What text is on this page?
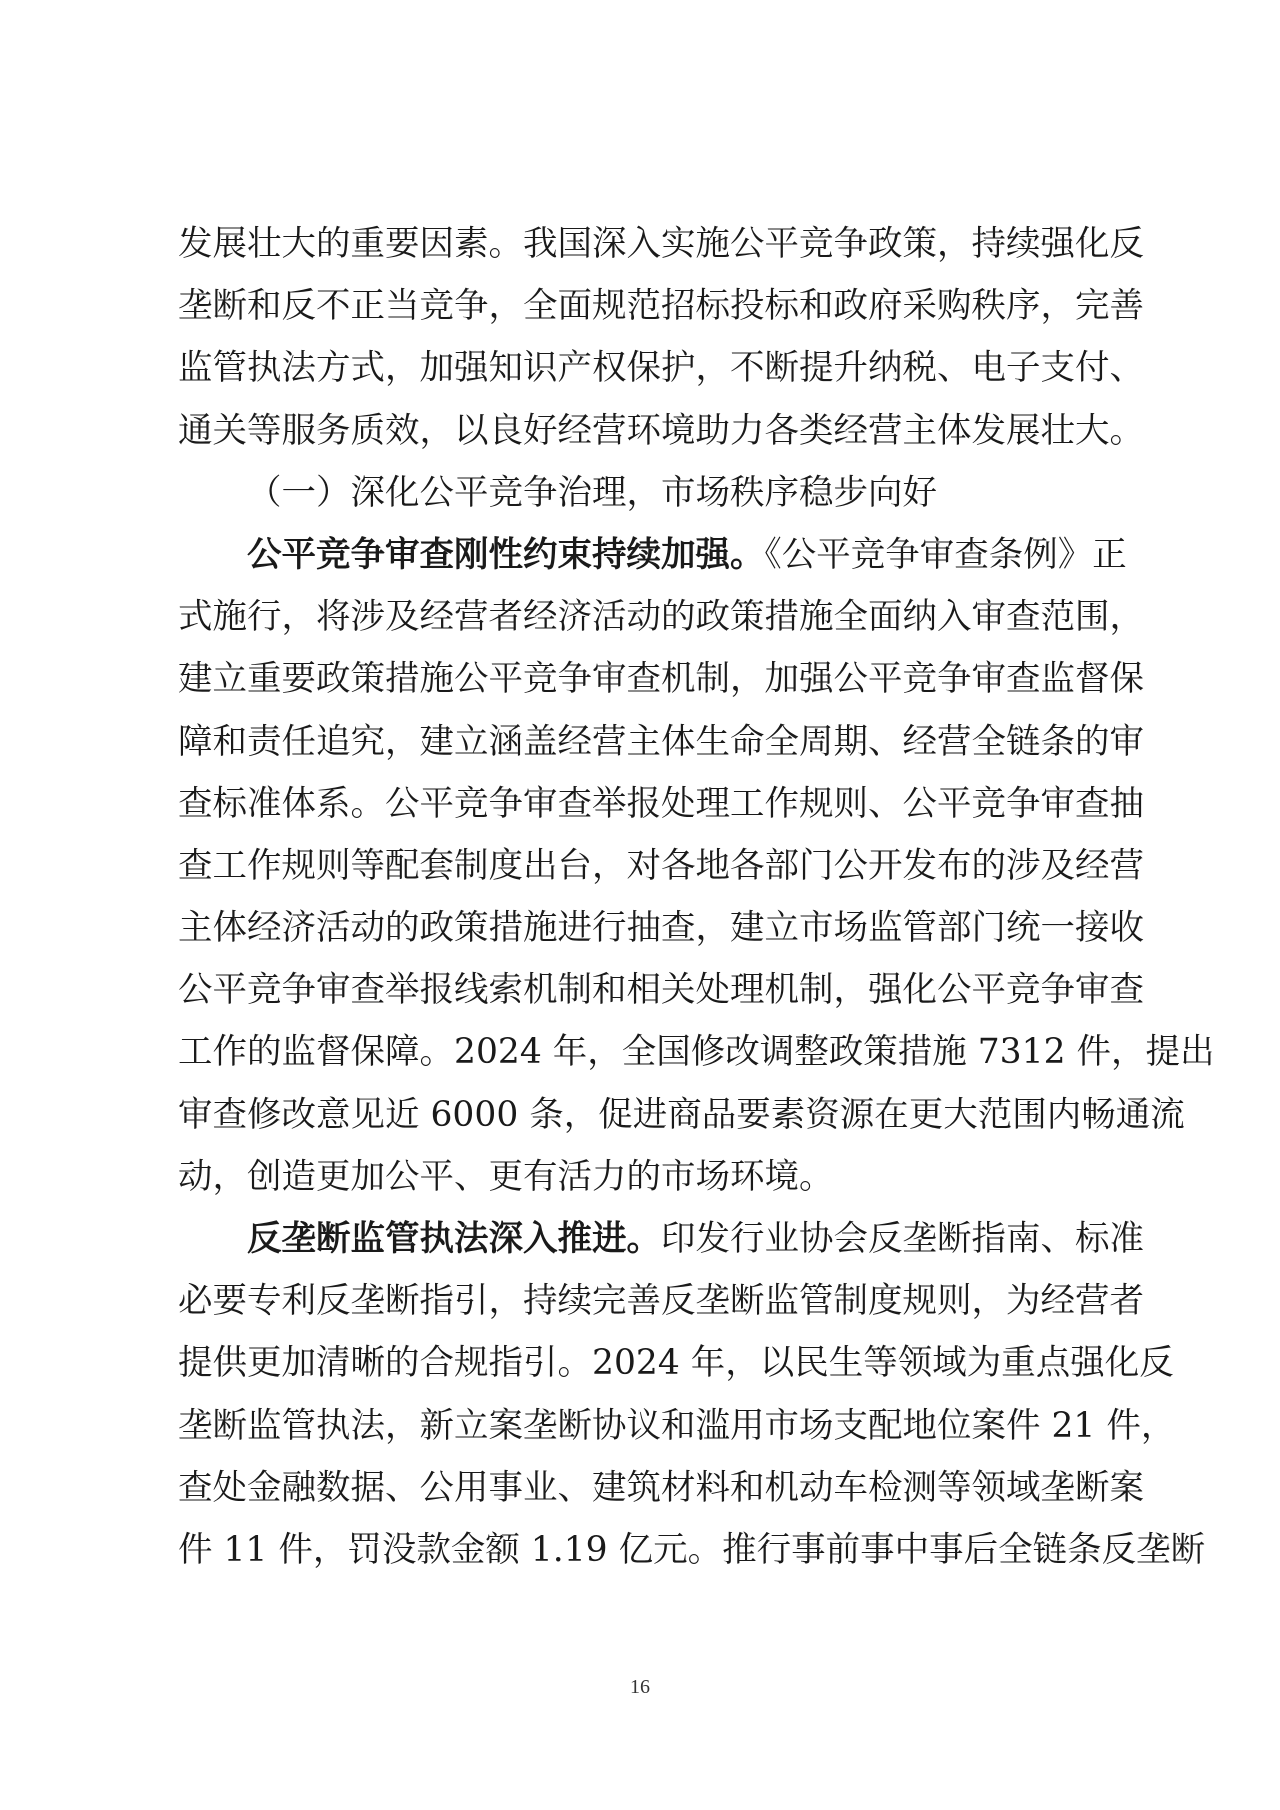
发展壮大的重要因素。我国深入实施公平竞争政策，持续强化反
垄断和反不正当竞争，全面规范招标投标和政府采购秩序，完善
监管执法方式，加强知识产权保护，不断提升纳税、电子支付、
通关等服务质效，以良好经营环境助力各类经营主体发展壮大。
（一）深化公平竞争治理，市场秩序稳步向好
公平竞争审查刚性约束持续加强。《公平竞争审查条例》正
式施行，将涉及经营者经济活动的政策措施全面纳入审查范围，
建立重要政策措施公平竞争审查机制，加强公平竞争审查监督保
障和责任追究，建立涵盖经营主体生命全周期、经营全链条的审
查标准体系。公平竞争审查举报处理工作规则、公平竞争审查抽
查工作规则等配套制度出台，对各地各部门公开发布的涉及经营
主体经济活动的政策措施进行抽查，建立市场监管部门统一接收
公平竞争审查举报线索机制和相关处理机制，强化公平竞争审查
工作的监督保障。2024 年，全国修改调整政策措施 7312 件，提出
审查修改意见近 6000 条，促进商品要素资源在更大范围内畅通流
动，创造更加公平、更有活力的市场环境。
反垄断监管执法深入推进。印发行业协会反垄断指南、标准
必要专利反垄断指引，持续完善反垄断监管制度规则，为经营者
提供更加清晰的合规指引。2024 年，以民生等领域为重点强化反
垄断监管执法，新立案垄断协议和滥用市场支配地位案件 21 件，
查处金融数据、公用事业、建筑材料和机动车检测等领域垄断案
件 11 件，罚没款金额 1.19 亿元。推行事前事中事后全链条反垄断
16
